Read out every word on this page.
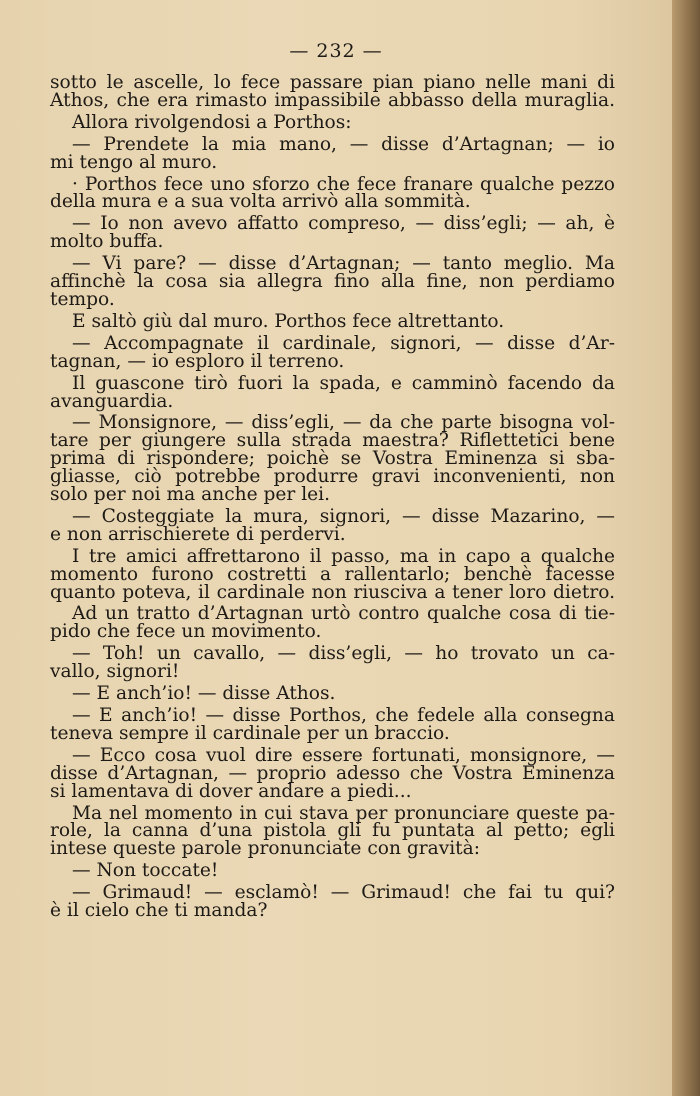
— 232 —
sotto le ascelle, lo fece passare pian piano nelle mani di
Athos, che era rimasto impassibile abbasso della muraglia.
Allora rivolgendosi a Porthos:
— Prendete la mia mano, — disse d’Artagnan; — io
mi tengo al muro.
· Porthos fece uno sforzo che fece franare qualche pezzo
della mura e a sua volta arrivò alla sommità.
— Io non avevo affatto compreso, — diss’egli; — ah, è
molto buffa.
— Vi pare? — disse d’Artagnan; — tanto meglio. Ma
affinchè la cosa sia allegra fino alla fine, non perdiamo
tempo.
E saltò giù dal muro. Porthos fece altrettanto.
— Accompagnate il cardinale, signori, — disse d’Ar-
tagnan, — io esploro il terreno.
Il guascone tirò fuori la spada, e camminò facendo da
avanguardia.
— Monsignore, — diss’egli, — da che parte bisogna vol-
tare per giungere sulla strada maestra? Riflettetici bene
prima di rispondere; poichè se Vostra Eminenza si sba-
gliasse, ciò potrebbe produrre gravi inconvenienti, non
solo per noi ma anche per lei.
— Costeggiate la mura, signori, — disse Mazarino, —
e non arrischierete di perdervi.
I tre amici affrettarono il passo, ma in capo a qualche
momento furono costretti a rallentarlo; benchè facesse
quanto poteva, il cardinale non riusciva a tener loro dietro.
Ad un tratto d’Artagnan urtò contro qualche cosa di tie-
pido che fece un movimento.
— Toh! un cavallo, — diss’egli, — ho trovato un ca-
vallo, signori!
— E anch’io! — disse Athos.
— E anch’io! — disse Porthos, che fedele alla consegna
teneva sempre il cardinale per un braccio.
— Ecco cosa vuol dire essere fortunati, monsignore, —
disse d’Artagnan, — proprio adesso che Vostra Eminenza
si lamentava di dover andare a piedi...
Ma nel momento in cui stava per pronunciare queste pa-
role, la canna d’una pistola gli fu puntata al petto; egli
intese queste parole pronunciate con gravità:
— Non toccate!
— Grimaud! — esclamò! — Grimaud! che fai tu qui?
è il cielo che ti manda?
